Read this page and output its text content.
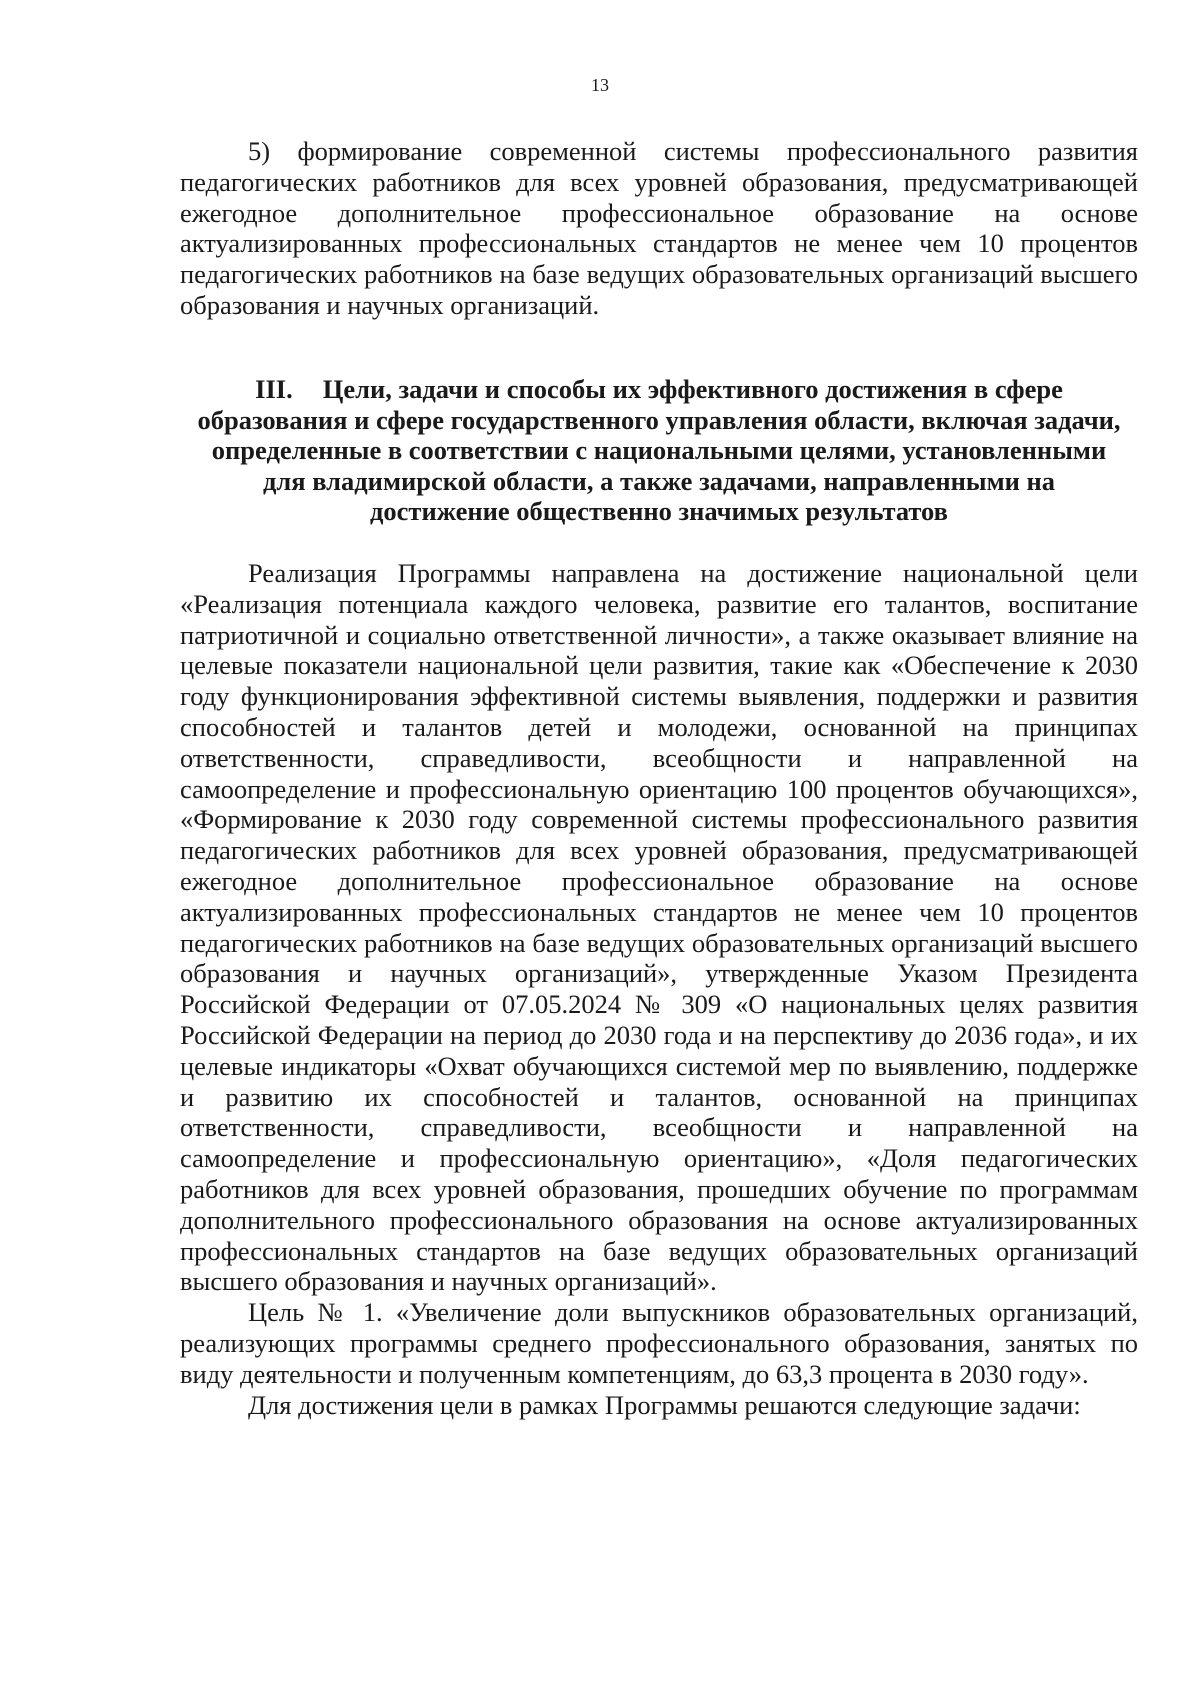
13

5) формирование современной системы профессионального развития педагогических работников для всех уровней образования, предусматривающей ежегодное дополнительное профессиональное образование на основе актуализированных профессиональных стандартов не менее чем 10 процентов педагогических работников на базе ведущих образовательных организаций высшего образования и научных организаций.

III. Цели, задачи и способы их эффективного достижения в сфере образования и сфере государственного управления области, включая задачи, определенные в соответствии с национальными целями, установленными для владимирской области, а также задачами, направленными на достижение общественно значимых результатов

Реализация Программы направлена на достижение национальной цели «Реализация потенциала каждого человека, развитие его талантов, воспитание патриотичной и социально ответственной личности», а также оказывает влияние на целевые показатели национальной цели развития, такие как «Обеспечение к 2030 году функционирования эффективной системы выявления, поддержки и развития способностей и талантов детей и молодежи, основанной на принципах ответственности, справедливости, всеобщности и направленной на самоопределение и профессиональную ориентацию 100 процентов обучающихся», «Формирование к 2030 году современной системы профессионального развития педагогических работников для всех уровней образования, предусматривающей ежегодное дополнительное профессиональное образование на основе актуализированных профессиональных стандартов не менее чем 10 процентов педагогических работников на базе ведущих образовательных организаций высшего образования и научных организаций», утвержденные Указом Президента Российской Федерации от 07.05.2024 № 309 «О национальных целях развития Российской Федерации на период до 2030 года и на перспективу до 2036 года», и их целевые индикаторы «Охват обучающихся системой мер по выявлению, поддержке и развитию их способностей и талантов, основанной на принципах ответственности, справедливости, всеобщности и направленной на самоопределение и профессиональную ориентацию», «Доля педагогических работников для всех уровней образования, прошедших обучение по программам дополнительного профессионального образования на основе актуализированных профессиональных стандартов на базе ведущих образовательных организаций высшего образования и научных организаций».

Цель № 1. «Увеличение доли выпускников образовательных организаций, реализующих программы среднего профессионального образования, занятых по виду деятельности и полученным компетенциям, до 63,3 процента в 2030 году».

Для достижения цели в рамках Программы решаются следующие задачи:
